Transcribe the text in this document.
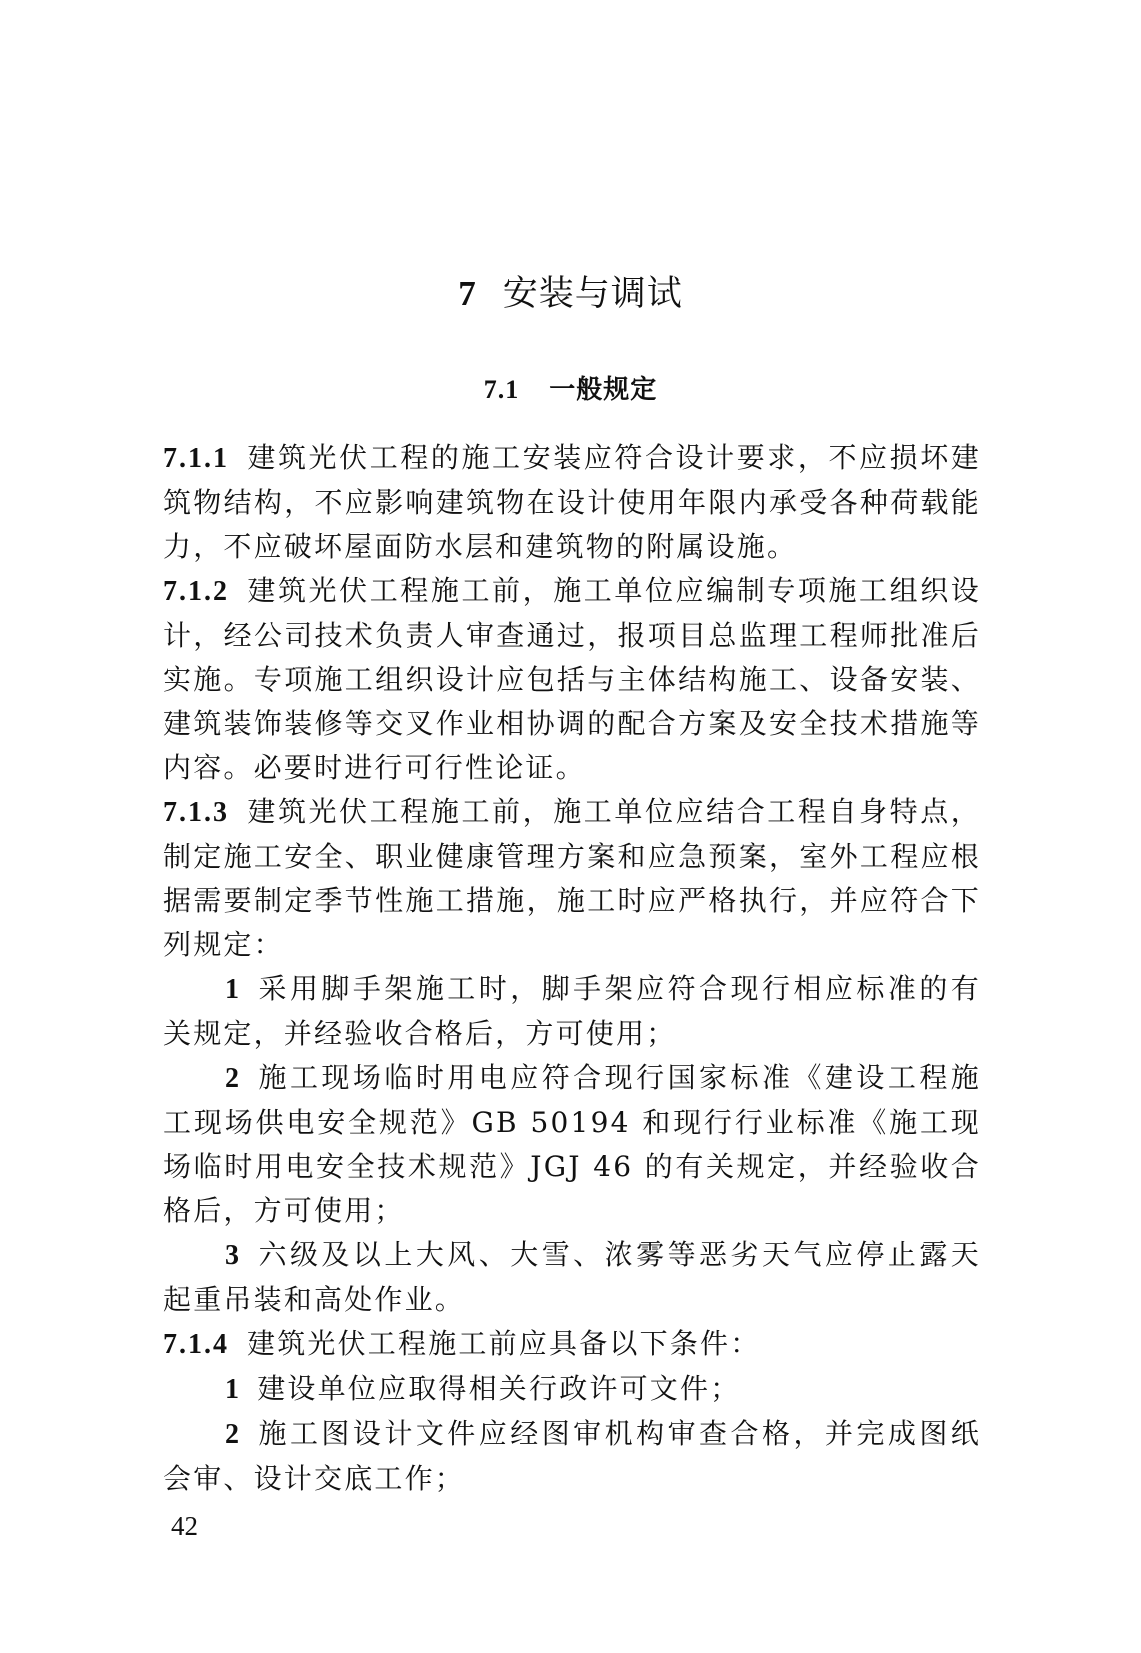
7 安装与调试
7.1 一般规定

7.1.1 建筑光伏工程的施工安装应符合设计要求，不应损坏建筑物结构，不应影响建筑物在设计使用年限内承受各种荷载能力，不应破坏屋面防水层和建筑物的附属设施。

7.1.2 建筑光伏工程施工前，施工单位应编制专项施工组织设计，经公司技术负责人审查通过，报项目总监理工程师批准后实施。专项施工组织设计应包括与主体结构施工、设备安装、建筑装饰装修等交叉作业相协调的配合方案及安全技术措施等内容。必要时进行可行性论证。

7.1.3 建筑光伏工程施工前，施工单位应结合工程自身特点，制定施工安全、职业健康管理方案和应急预案，室外工程应根据需要制定季节性施工措施，施工时应严格执行，并应符合下列规定：

1 采用脚手架施工时，脚手架应符合现行相应标准的有关规定，并经验收合格后，方可使用；

2 施工现场临时用电应符合现行国家标准《建设工程施工现场供电安全规范》GB 50194 和现行行业标准《施工现场临时用电安全技术规范》JGJ 46 的有关规定，并经验收合格后，方可使用；

3 六级及以上大风、大雪、浓雾等恶劣天气应停止露天起重吊装和高处作业。

7.1.4 建筑光伏工程施工前应具备以下条件：

1 建设单位应取得相关行政许可文件；

2 施工图设计文件应经图审机构审查合格，并完成图纸会审、设计交底工作；

42
